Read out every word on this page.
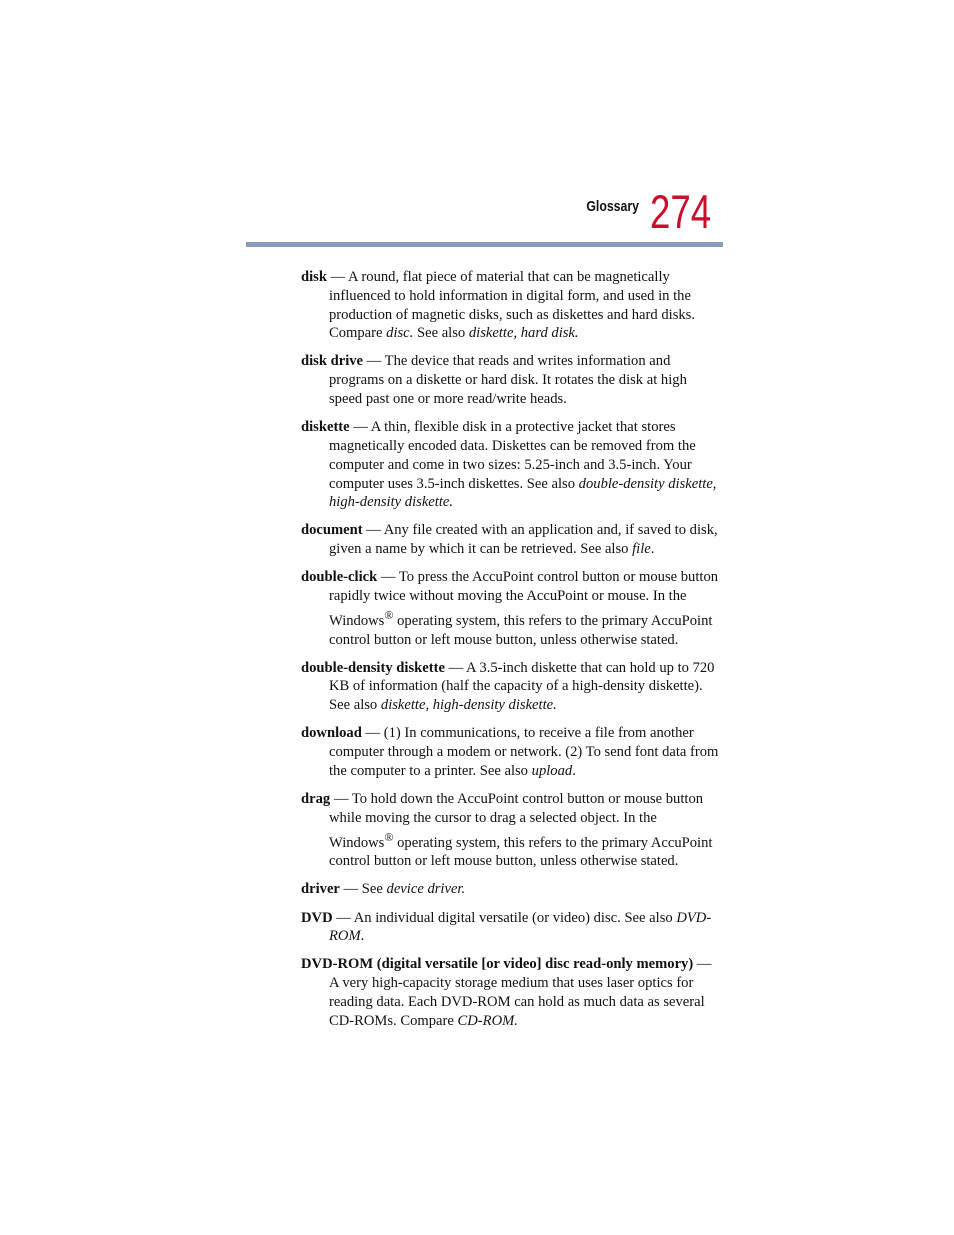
Glossary 274

disk — A round, flat piece of material that can be magnetically influenced to hold information in digital form, and used in the production of magnetic disks, such as diskettes and hard disks. Compare disc. See also diskette, hard disk.

disk drive — The device that reads and writes information and programs on a diskette or hard disk. It rotates the disk at high speed past one or more read/write heads.

diskette — A thin, flexible disk in a protective jacket that stores magnetically encoded data. Diskettes can be removed from the computer and come in two sizes: 5.25-inch and 3.5-inch. Your computer uses 3.5-inch diskettes. See also double-density diskette, high-density diskette.

document — Any file created with an application and, if saved to disk, given a name by which it can be retrieved. See also file.

double-click — To press the AccuPoint control button or mouse button rapidly twice without moving the AccuPoint or mouse. In the Windows® operating system, this refers to the primary AccuPoint control button or left mouse button, unless otherwise stated.

double-density diskette — A 3.5-inch diskette that can hold up to 720 KB of information (half the capacity of a high-density diskette). See also diskette, high-density diskette.

download — (1) In communications, to receive a file from another computer through a modem or network. (2) To send font data from the computer to a printer. See also upload.

drag — To hold down the AccuPoint control button or mouse button while moving the cursor to drag a selected object. In the Windows® operating system, this refers to the primary AccuPoint control button or left mouse button, unless otherwise stated.

driver — See device driver.

DVD — An individual digital versatile (or video) disc. See also DVD-ROM.

DVD-ROM (digital versatile [or video] disc read-only memory) — A very high-capacity storage medium that uses laser optics for reading data. Each DVD-ROM can hold as much data as several CD-ROMs. Compare CD-ROM.
